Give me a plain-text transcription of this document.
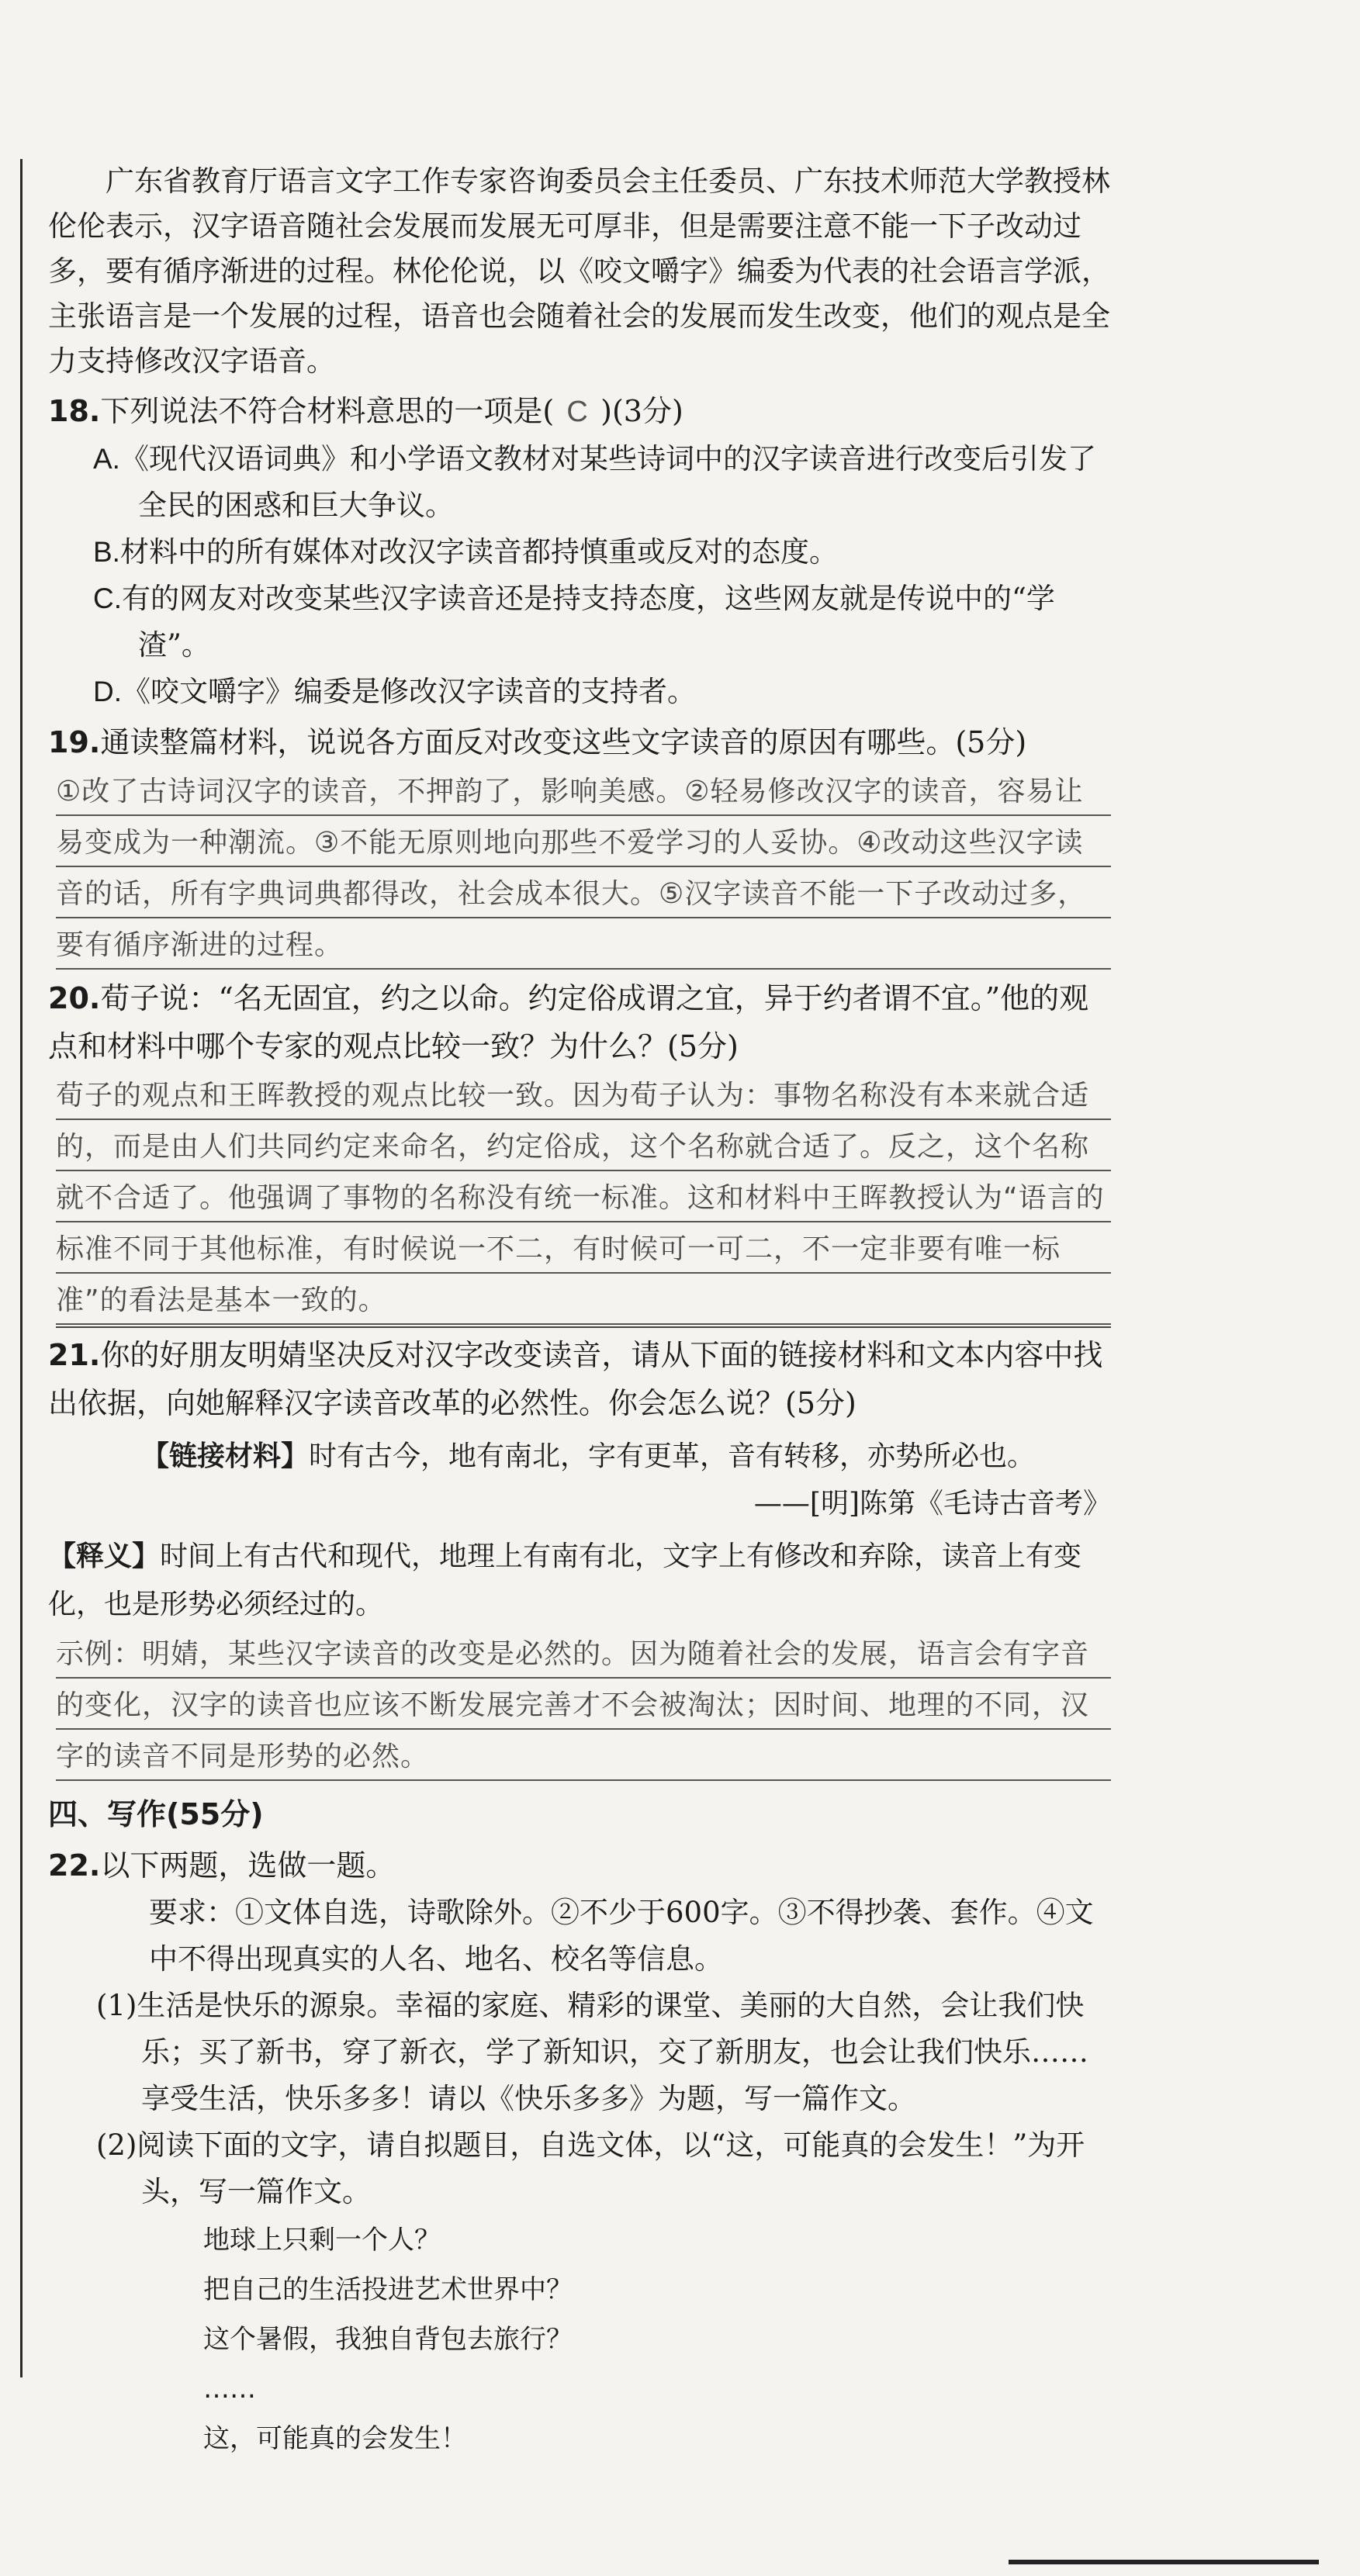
广东省教育厅语言文字工作专家咨询委员会主任委员、广东技术师范大学教授林伦伦表示，汉字语音随社会发展而发展无可厚非，但是需要注意不能一下子改动过多，要有循序渐进的过程。林伦伦说，以《咬文嚼字》编委为代表的社会语言学派，主张语言是一个发展的过程，语音也会随着社会的发展而发生改变，他们的观点是全力支持修改汉字语音。

18.下列说法不符合材料意思的一项是( C )(3分)

A.《现代汉语词典》和小学语文教材对某些诗词中的汉字读音进行改变后引发了全民的困惑和巨大争议。
B.材料中的所有媒体对改汉字读音都持慎重或反对的态度。
C.有的网友对改变某些汉字读音还是持支持态度，这些网友就是传说中的“学渣”。
D.《咬文嚼字》编委是修改汉字读音的支持者。

19.通读整篇材料，说说各方面反对改变这些文字读音的原因有哪些。(5分)

①改了古诗词汉字的读音，不押韵了，影响美感。②轻易修改汉字的读音，容易让易变成为一种潮流。③不能无原则地向那些不爱学习的人妥协。④改动这些汉字读音的话，所有字典词典都得改，社会成本很大。⑤汉字读音不能一下子改动过多，要有循序渐进的过程。

20.荀子说：“名无固宜，约之以命。约定俗成谓之宜，异于约者谓不宜。”他的观点和材料中哪个专家的观点比较一致？为什么？(5分)

荀子的观点和王晖教授的观点比较一致。因为荀子认为：事物名称没有本来就合适的，而是由人们共同约定来命名，约定俗成，这个名称就合适了。反之，这个名称就不合适了。他强调了事物的名称没有统一标准。这和材料中王晖教授认为“语言的标准不同于其他标准，有时候说一不二，有时候可一可二，不一定非要有唯一标准”的看法是基本一致的。

21.你的好朋友明婧坚决反对汉字改变读音，请从下面的链接材料和文本内容中找出依据，向她解释汉字读音改革的必然性。你会怎么说？(5分)

【链接材料】时有古今，地有南北，字有更革，音有转移，亦势所必也。

——[明]陈第《毛诗古音考》

【释义】时间上有古代和现代，地理上有南有北，文字上有修改和弃除，读音上有变化，也是形势必须经过的。

示例：明婧，某些汉字读音的改变是必然的。因为随着社会的发展，语言会有字音的变化，汉字的读音也应该不断发展完善才不会被淘汰；因时间、地理的不同，汉字的读音不同是形势的必然。

四、写作(55分)

22.以下两题，选做一题。

要求：①文体自选，诗歌除外。②不少于600字。③不得抄袭、套作。④文中不得出现真实的人名、地名、校名等信息。

(1)生活是快乐的源泉。幸福的家庭、精彩的课堂、美丽的大自然，会让我们快乐；买了新书，穿了新衣，学了新知识，交了新朋友，也会让我们快乐……享受生活，快乐多多！请以《快乐多多》为题，写一篇作文。

(2)阅读下面的文字，请自拟题目，自选文体，以“这，可能真的会发生！”为开头，写一篇作文。

地球上只剩一个人？
把自己的生活投进艺术世界中？
这个暑假，我独自背包去旅行？
……
这，可能真的会发生！
